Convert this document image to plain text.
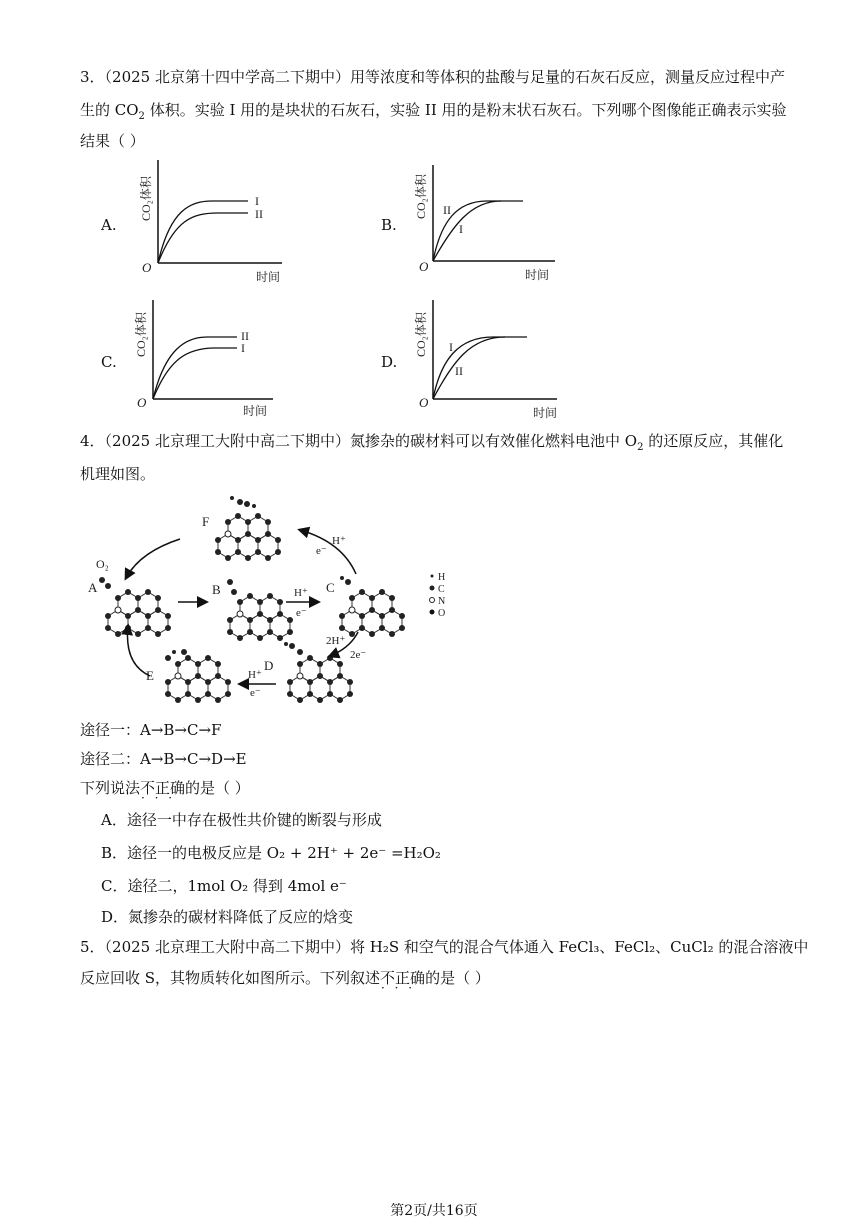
3．（2025 北京第十四中学高二下期中）用等浓度和等体积的盐酸与足量的石灰石反应，测量反应过程中产
生的 $CO_2$ 体积。实验 I 用的是块状的石灰石，实验 II 用的是粉末状石灰石。下列哪个图像能正确表示实验
结果（ ）
A.
I
II
O
时间
CO₂体积
B.
II
I
O
时间
CO₂体积
C.
II
I
O
时间
CO₂体积
D.
I
II
O
时间
CO₂体积
4．（2025 北京理工大附中高二下期中）氮掺杂的碳材料可以有效催化燃料电池中 $O_2$ 的还原反应，其催化
机理如图。
F
A
O₂
B	C
D
E
H⁺
e⁻
H⁺
e⁻
2H⁺
2e⁻
H⁺
e⁻
H
C
N
O
途径一：A→B→C→F
途径二：A→B→C→D→E
下列说法不正确 · · ·的是（ ）
A．途径一中存在极性共价键的断裂与形成
B．途径一的电极反应是 O₂ + 2H⁺ + 2e⁻ =H₂O₂
C．途径二，1mol O₂ 得到 4mol e⁻
D．氮掺杂的碳材料降低了反应的焓变
5．（2025 北京理工大附中高二下期中）将 H₂S 和空气的混合气体通入 FeCl₃、FeCl₂、CuCl₂ 的混合溶液中
反应回收 S，其物质转化如图所示。下列叙述不正确 · · ·的是（ ）
第2页/共16页
